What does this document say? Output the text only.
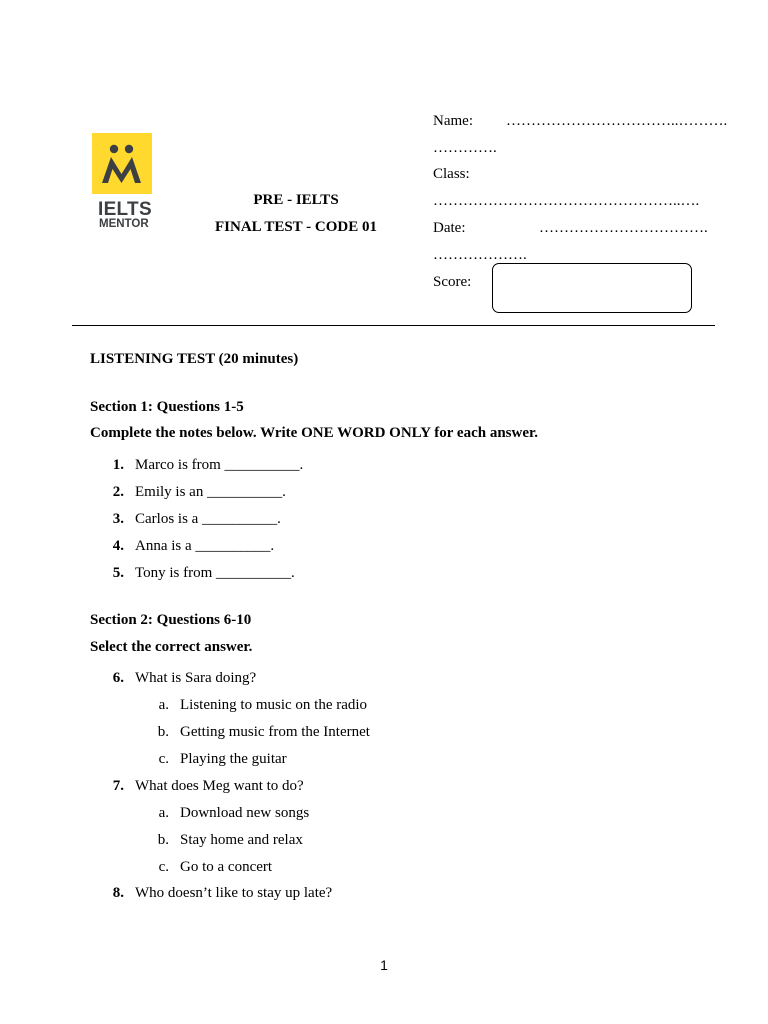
IELTS
MENTOR
PRE - IELTS
FINAL TEST - CODE 01
Name: ……………………………..……….
………….
Class:
…………………………………………..….
Date:	…………………………….
……………….
Score:
LISTENING TEST (20 minutes)
Section 1: Questions 1-5
Complete the notes below. Write ONE WORD ONLY for each answer.
1. Marco is from __________.
2. Emily is an __________.
3. Carlos is a __________.
4. Anna is a __________.
5. Tony is from __________.
Section 2: Questions 6-10
Select the correct answer.
6. What is Sara doing?
a. Listening to music on the radio
b. Getting music from the Internet
c. Playing the guitar
7. What does Meg want to do?
a. Download new songs
b. Stay home and relax
c. Go to a concert
8. Who doesn’t like to stay up late?
1
